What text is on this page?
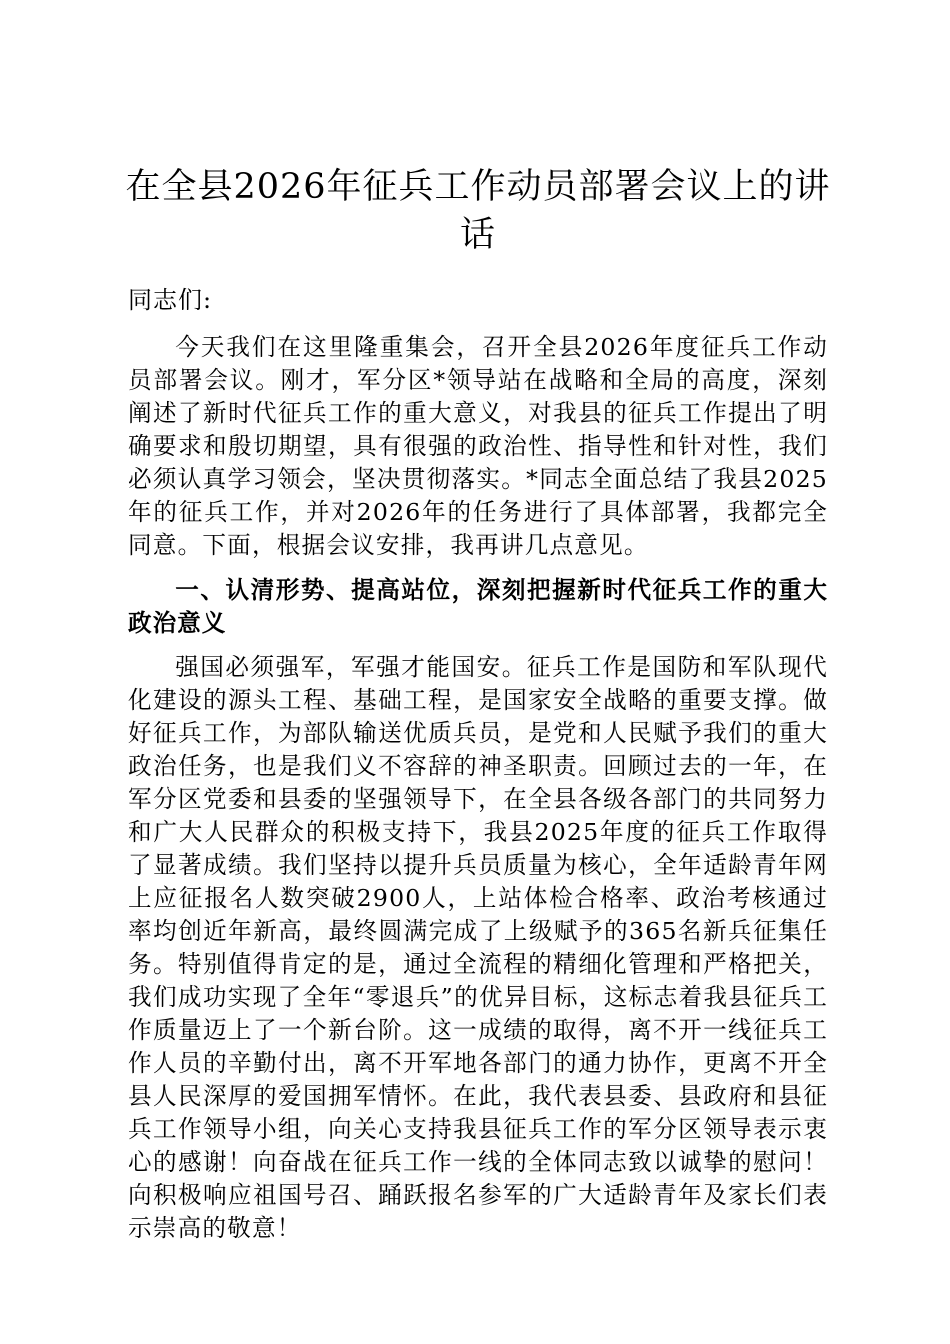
在全县2026年征兵工作动员部署会议上的讲话
同志们:

今天我们在这里隆重集会，召开全县2026年度征兵工作动员部署会议。刚才，军分区*领导站在战略和全局的高度，深刻阐述了新时代征兵工作的重大意义，对我县的征兵工作提出了明确要求和殷切期望，具有很强的政治性、指导性和针对性，我们必须认真学习领会，坚决贯彻落实。*同志全面总结了我县2025年的征兵工作，并对2026年的任务进行了具体部署，我都完全同意。下面，根据会议安排，我再讲几点意见。

一、认清形势、提高站位，深刻把握新时代征兵工作的重大政治意义

强国必须强军，军强才能国安。征兵工作是国防和军队现代化建设的源头工程、基础工程，是国家安全战略的重要支撑。做好征兵工作，为部队输送优质兵员，是党和人民赋予我们的重大政治任务，也是我们义不容辞的神圣职责。回顾过去的一年，在军分区党委和县委的坚强领导下，在全县各级各部门的共同努力和广大人民群众的积极支持下，我县2025年度的征兵工作取得了显著成绩。我们坚持以提升兵员质量为核心，全年适龄青年网上应征报名人数突破2900人，上站体检合格率、政治考核通过率均创近年新高，最终圆满完成了上级赋予的365名新兵征集任务。特别值得肯定的是，通过全流程的精细化管理和严格把关，我们成功实现了全年“零退兵”的优异目标，这标志着我县征兵工作质量迈上了一个新台阶。这一成绩的取得，离不开一线征兵工作人员的辛勤付出，离不开军地各部门的通力协作，更离不开全县人民深厚的爱国拥军情怀。在此，我代表县委、县政府和县征兵工作领导小组，向关心支持我县征兵工作的军分区领导表示衷心的感谢！向奋战在征兵工作一线的全体同志致以诚挚的慰问！向积极响应祖国号召、踊跃报名参军的广大适龄青年及家长们表示崇高的敬意！
